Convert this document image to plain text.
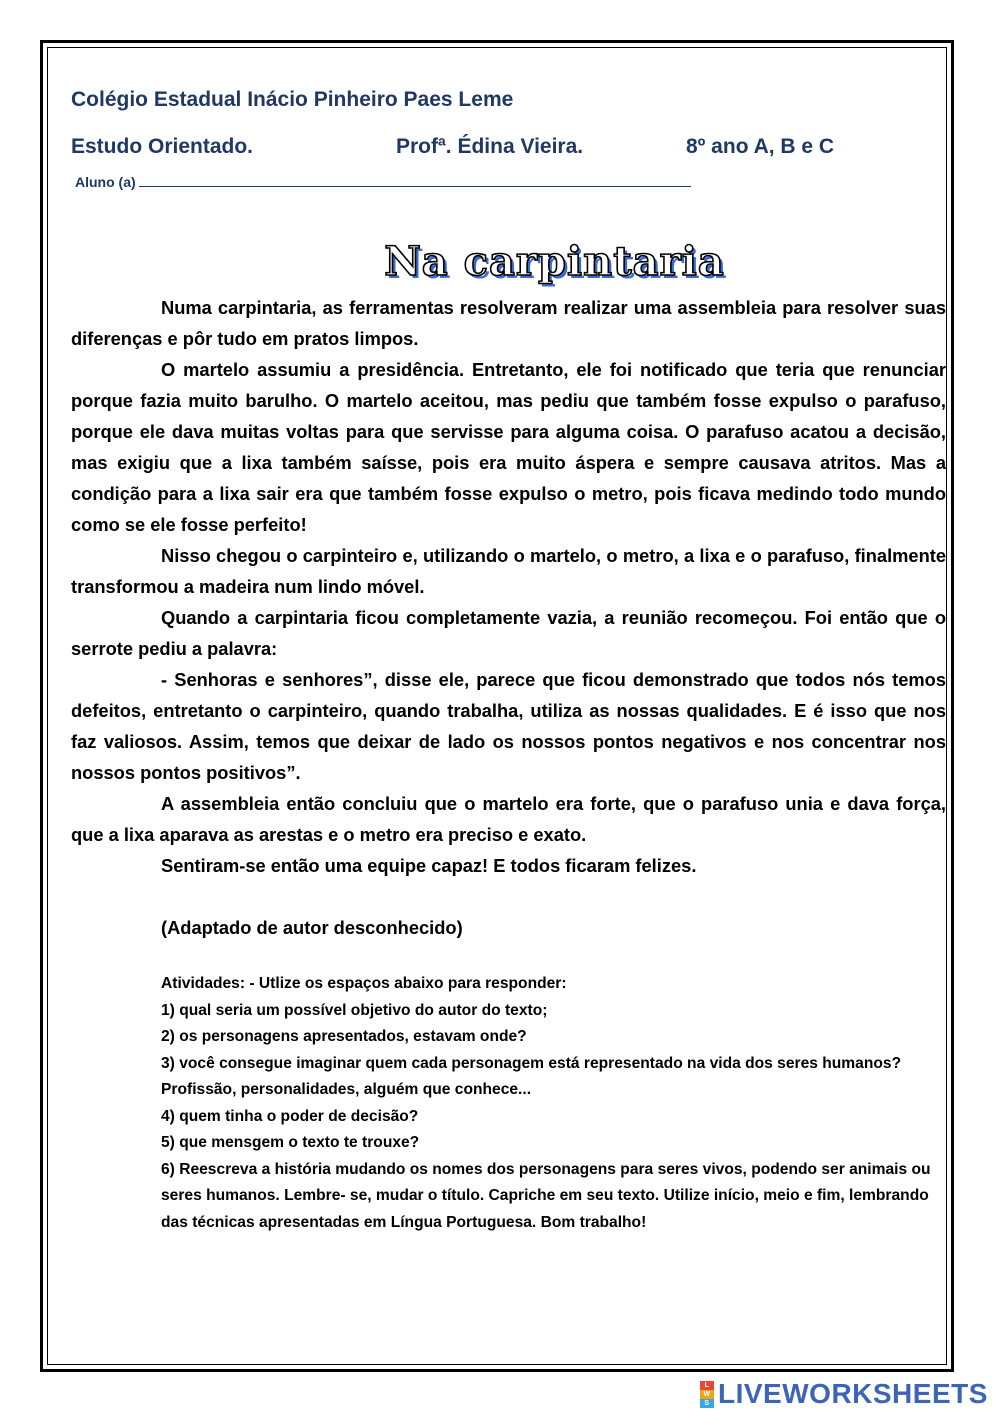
Colégio Estadual Inácio Pinheiro Paes Leme

Estudo Orientado.	Profª. Édina Vieira.	8º ano A, B e C
Aluno (a)
Na carpintaria

Numa carpintaria, as ferramentas resolveram realizar uma assembleia para resolver suas diferenças e pôr tudo em pratos limpos.

O martelo assumiu a presidência. Entretanto, ele foi notificado que teria que renunciar porque fazia muito barulho. O martelo aceitou, mas pediu que também fosse expulso o parafuso, porque ele dava muitas voltas para que servisse para alguma coisa. O parafuso acatou a decisão, mas exigiu que a lixa também saísse, pois era muito áspera e sempre causava atritos. Mas a condição para a lixa sair era que também fosse expulso o metro, pois ficava medindo todo mundo como se ele fosse perfeito!

Nisso chegou o carpinteiro e, utilizando o martelo, o metro, a lixa e o parafuso, finalmente transformou a madeira num lindo móvel.

Quando a carpintaria ficou completamente vazia, a reunião recomeçou. Foi então que o serrote pediu a palavra:

- Senhoras e senhores”, disse ele, parece que ficou demonstrado que todos nós temos defeitos, entretanto o carpinteiro, quando trabalha, utiliza as nossas qualidades. E é isso que nos faz valiosos. Assim, temos que deixar de lado os nossos pontos negativos e nos concentrar nos nossos pontos positivos”.

A assembleia então concluiu que o martelo era forte, que o parafuso unia e dava força, que a lixa aparava as arestas e o metro era preciso e exato.

Sentiram-se então uma equipe capaz! E todos ficaram felizes.

(Adaptado de autor desconhecido)

Atividades: - Utlize os espaços abaixo para responder:

1) qual seria um possível objetivo do autor do texto;

2) os personagens apresentados, estavam onde?

3) você consegue imaginar quem cada personagem está representado na vida dos seres humanos? Profissão, personalidades, alguém que conhece...

4) quem tinha o poder de decisão?

5) que mensgem o texto te trouxe?

6) Reescreva a história mudando os nomes dos personagens para seres vivos, podendo ser animais ou seres humanos. Lembre- se, mudar o título. Capriche em seu texto. Utilize início, meio e fim, lembrando das técnicas apresentadas em Língua Portuguesa. Bom trabalho!

L
W
S LIVEWORKSHEETS
